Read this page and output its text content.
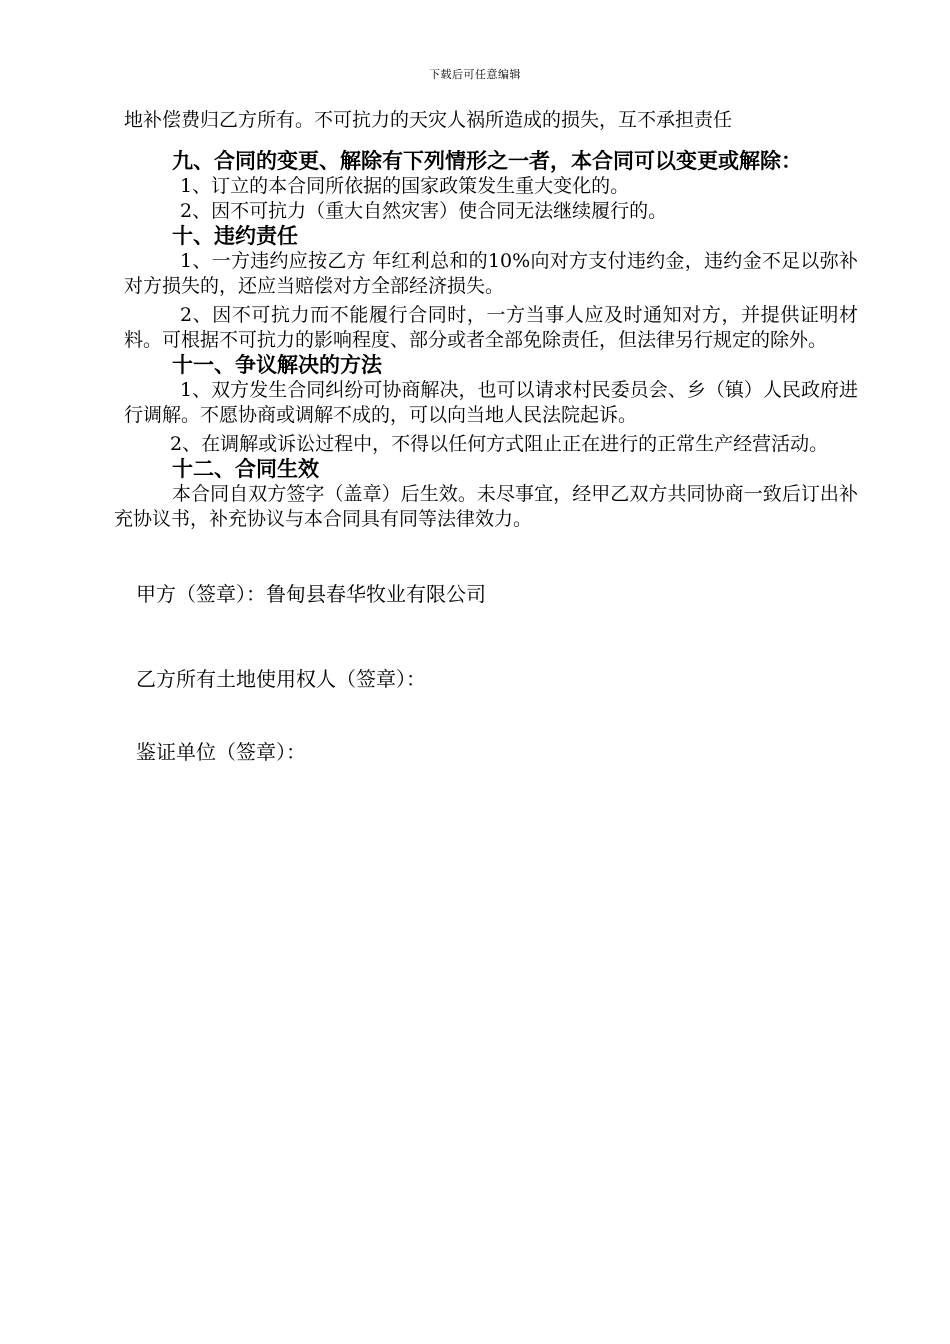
下载后可任意编辑

地补偿费归乙方所有。不可抗力的天灾人祸所造成的损失，互不承担责任

九、合同的变更、解除有下列情形之一者，本合同可以变更或解除：

1、订立的本合同所依据的国家政策发生重大变化的。

2、因不可抗力（重大自然灾害）使合同无法继续履行的。

十、违约责任

1、一方违约应按乙方 年红利总和的10%向对方支付违约金，违约金不足以弥补对方损失的，还应当赔偿对方全部经济损失。

2、因不可抗力而不能履行合同时，一方当事人应及时通知对方，并提供证明材料。可根据不可抗力的影响程度、部分或者全部免除责任，但法律另行规定的除外。

十一、争议解决的方法

1、双方发生合同纠纷可协商解决，也可以请求村民委员会、乡（镇）人民政府进行调解。不愿协商或调解不成的，可以向当地人民法院起诉。

2、在调解或诉讼过程中，不得以任何方式阻止正在进行的正常生产经营活动。

十二、合同生效

本合同自双方签字（盖章）后生效。未尽事宜，经甲乙双方共同协商一致后订出补充协议书，补充协议与本合同具有同等法律效力。

甲方（签章）：鲁甸县春华牧业有限公司

乙方所有土地使用权人（签章）：

鉴证单位（签章）：
